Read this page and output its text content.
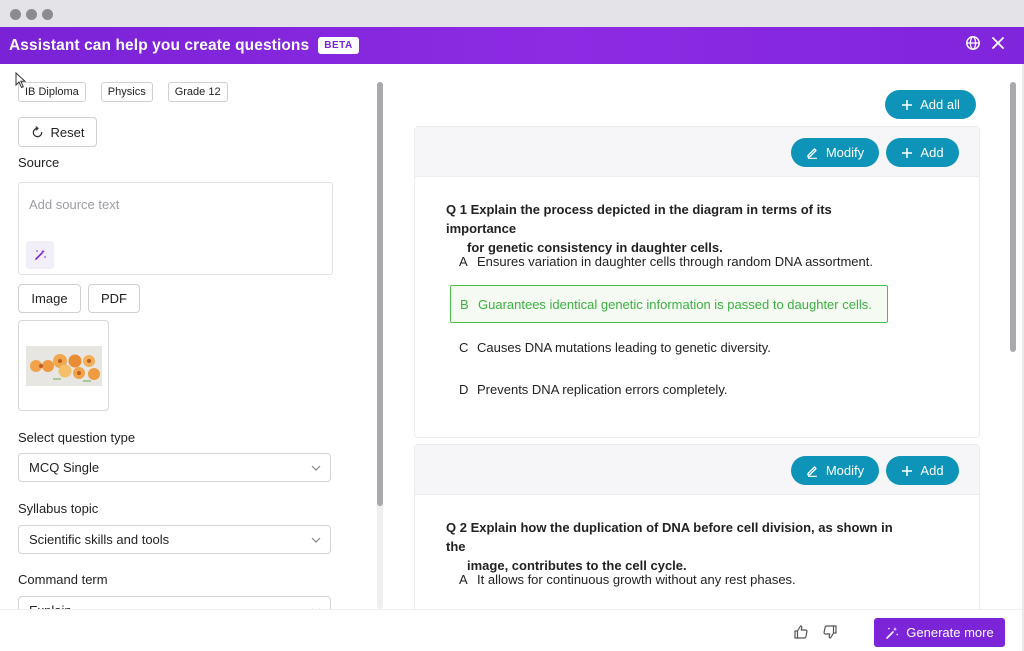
Assistant can help you create questions	BETA
IB Diploma	Physics	Grade 12
Reset
Source
Add source text
Image	PDF
Select question type
MCQ Single
Syllabus topic
Scientific skills and tools
Command term
Add all
Modify	Add
Q 1 Explain the process depicted in the diagram in terms of its importance
for genetic consistency in daughter cells.
A Ensures variation in daughter cells through random DNA assortment.
B Guarantees identical genetic information is passed to daughter cells.
C Causes DNA mutations leading to genetic diversity.
D Prevents DNA replication errors completely.
Modify	Add
Q 2 Explain how the duplication of DNA before cell division, as shown in the
image, contributes to the cell cycle.
A It allows for continuous growth without any rest phases.
Generate more
